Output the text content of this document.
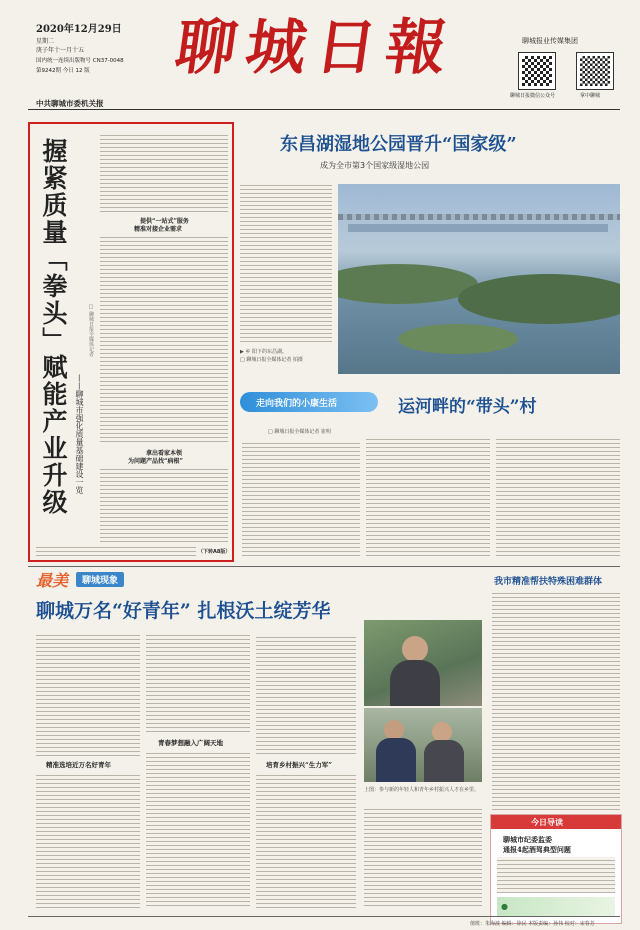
2020年12月29日
星期二
庚子年十一月十五
国内统一连续出版物号 CN37-0048
第9242期 今日 12 版 聊城日報	聊城报业传媒集团
聊城日报微信公众号	掌中聊城
中共聊城市委机关报
握紧质量「拳头」赋能产业升级 ——聊城市强化质量基础建设一览
提供“一站式”服务
精准对接企业需求
□ 聊城日报全媒体记者
拿出看家本领
为问题产品找“病根”
（下转A8版）
东昌湖湿地公园晋升“国家级”
成为全市第3个国家级湿地公园
▶ 乡 阳下的东昌湖。
□ 聊城日报全媒体记者 拍摄
走向我们的小康生活	运河畔的“带头”村
□ 聊城日报全媒体记者 崔明
最美	聊城现象
聊城万名“好青年” 扎根沃土绽芳华
精准选培近万名好青年
青春梦想融入广阔天地
培育乡村振兴“生力军”
上图：参与新的年轻人和青年乡村振兴人才在乡里。
我市精准帮扶特殊困难群体
今日导读
聊城市纪委监委
通报4起酒驾典型问题
●
值班：朱海波 编辑：徐民 本版责编：孙伟 校对：宋春芳
